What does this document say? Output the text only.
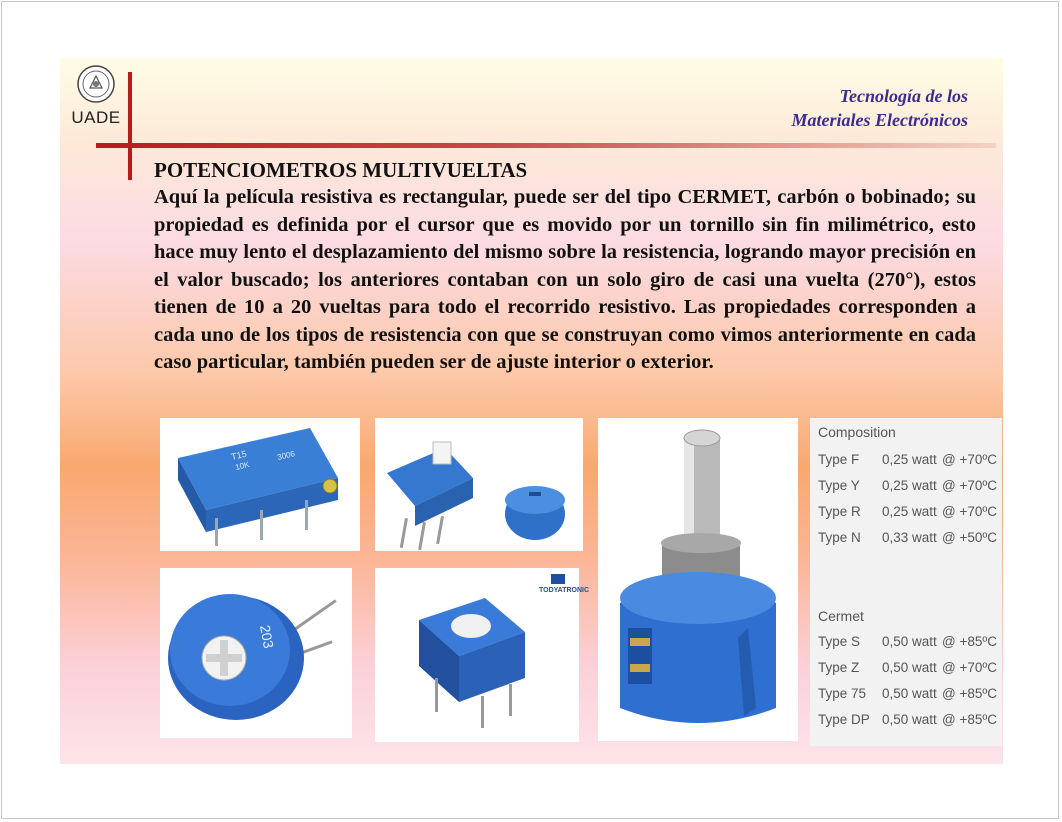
UADE
Tecnología de los
Materiales Electrónicos
POTENCIOMETROS MULTIVUELTAS
Aquí la película resistiva es rectangular, puede ser del tipo CERMET, carbón o bobinado; su propiedad es definida por el cursor que es movido por un tornillo sin fin milimétrico, esto hace muy lento el desplazamiento del mismo sobre la resistencia, logrando mayor precisión en el valor buscado; los anteriores contaban con un solo giro de casi una vuelta (270°), estos tienen de 10 a 20 vueltas para todo el recorrido resistivo. Las propiedades corresponden a cada uno de los tipos de resistencia con que se construyan como vimos anteriormente en cada caso particular, también pueden ser de ajuste interior o exterior.
T15
10K
3006
203
TODYATRONIC
Composition
Type F 0,25 watt @ +70ºC
Type Y 0,25 watt @ +70ºC
Type R 0,25 watt @ +70ºC
Type N 0,33 watt @ +50ºC
Cermet
Type S 0,50 watt @ +85ºC
Type Z 0,50 watt @ +70ºC
Type 75 0,50 watt @ +85ºC
Type DP 0,50 watt @ +85ºC
